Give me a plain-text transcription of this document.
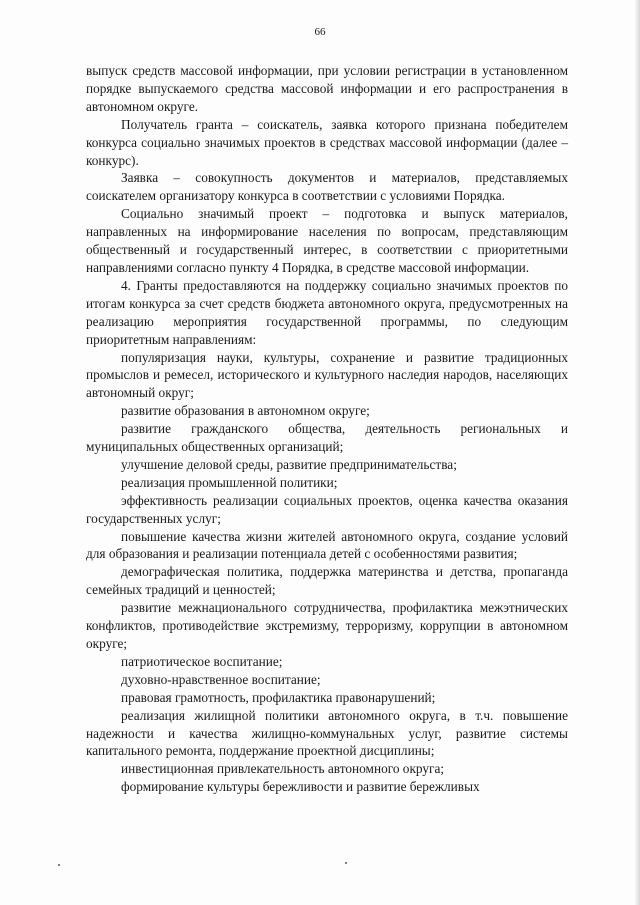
66

выпуск средств массовой информации, при условии регистрации в установленном порядке выпускаемого средства массовой информации и его распространения в автономном округе.

Получатель гранта – соискатель, заявка которого признана победителем конкурса социально значимых проектов в средствах массовой информации (далее – конкурс).

Заявка – совокупность документов и материалов, представляемых соискателем организатору конкурса в соответствии с условиями Порядка.

Социально значимый проект – подготовка и выпуск материалов, направленных на информирование населения по вопросам, представляющим общественный и государственный интерес, в соответствии с приоритетными направлениями согласно пункту 4 Порядка, в средстве массовой информации.

4. Гранты предоставляются на поддержку социально значимых проектов по итогам конкурса за счет средств бюджета автономного округа, предусмотренных на реализацию мероприятия государственной программы, по следующим приоритетным направлениям:

популяризация науки, культуры, сохранение и развитие традиционных промыслов и ремесел, исторического и культурного наследия народов, населяющих автономный округ;

развитие образования в автономном округе;

развитие гражданского общества, деятельность региональных и муниципальных общественных организаций;

улучшение деловой среды, развитие предпринимательства;

реализация промышленной политики;

эффективность реализации социальных проектов, оценка качества оказания государственных услуг;

повышение качества жизни жителей автономного округа, создание условий для образования и реализации потенциала детей с особенностями развития;

демографическая политика, поддержка материнства и детства, пропаганда семейных традиций и ценностей;

развитие межнационального сотрудничества, профилактика межэтнических конфликтов, противодействие экстремизму, терроризму, коррупции в автономном округе;

патриотическое воспитание;

духовно-нравственное воспитание;

правовая грамотность, профилактика правонарушений;

реализация жилищной политики автономного округа, в т.ч. повышение надежности и качества жилищно-коммунальных услуг, развитие системы капитального ремонта, поддержание проектной дисциплины;

инвестиционная привлекательность автономного округа;

формирование культуры бережливости и развитие бережливых
